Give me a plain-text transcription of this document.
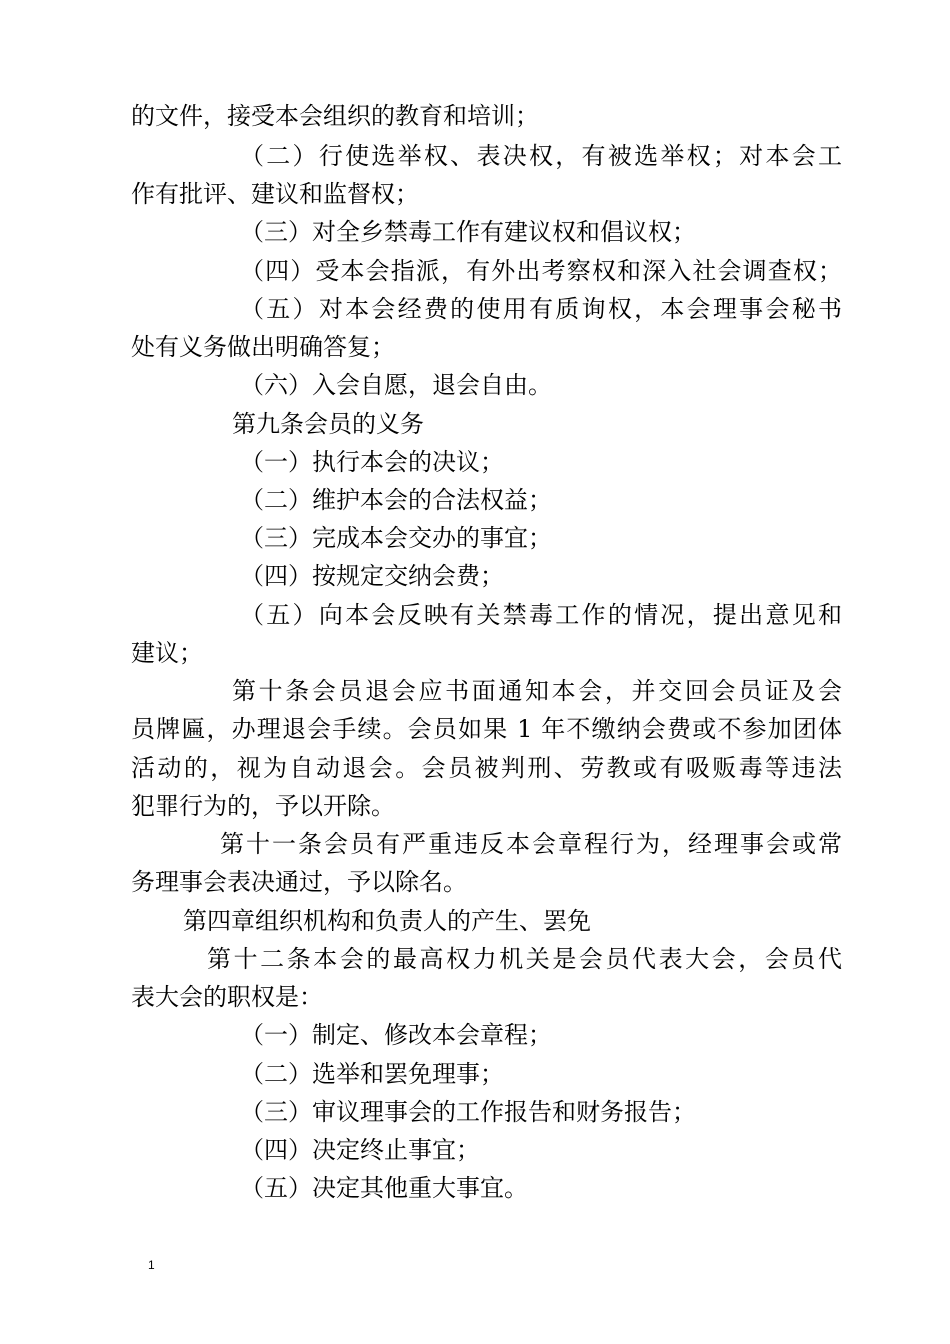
的文件，接受本会组织的教育和培训；
（二）行使选举权、表决权，有被选举权；对本会工
作有批评、建议和监督权；
（三）对全乡禁毒工作有建议权和倡议权；
（四）受本会指派，有外出考察权和深入社会调查权；
（五）对本会经费的使用有质询权，本会理事会秘书
处有义务做出明确答复；
（六）入会自愿，退会自由。
第九条会员的义务
（一）执行本会的决议；
（二）维护本会的合法权益；
（三）完成本会交办的事宜；
（四）按规定交纳会费；
（五）向本会反映有关禁毒工作的情况，提出意见和
建议；
第十条会员退会应书面通知本会，并交回会员证及会
员牌匾，办理退会手续。会员如果 1 年不缴纳会费或不参加团体
活动的，视为自动退会。会员被判刑、劳教或有吸贩毒等违法
犯罪行为的，予以开除。
第十一条会员有严重违反本会章程行为，经理事会或常
务理事会表决通过，予以除名。
第四章组织机构和负责人的产生、罢免
第十二条本会的最高权力机关是会员代表大会，会员代
表大会的职权是：
（一）制定、修改本会章程；
（二）选举和罢免理事；
（三）审议理事会的工作报告和财务报告；
（四）决定终止事宜；
（五）决定其他重大事宜。
1
